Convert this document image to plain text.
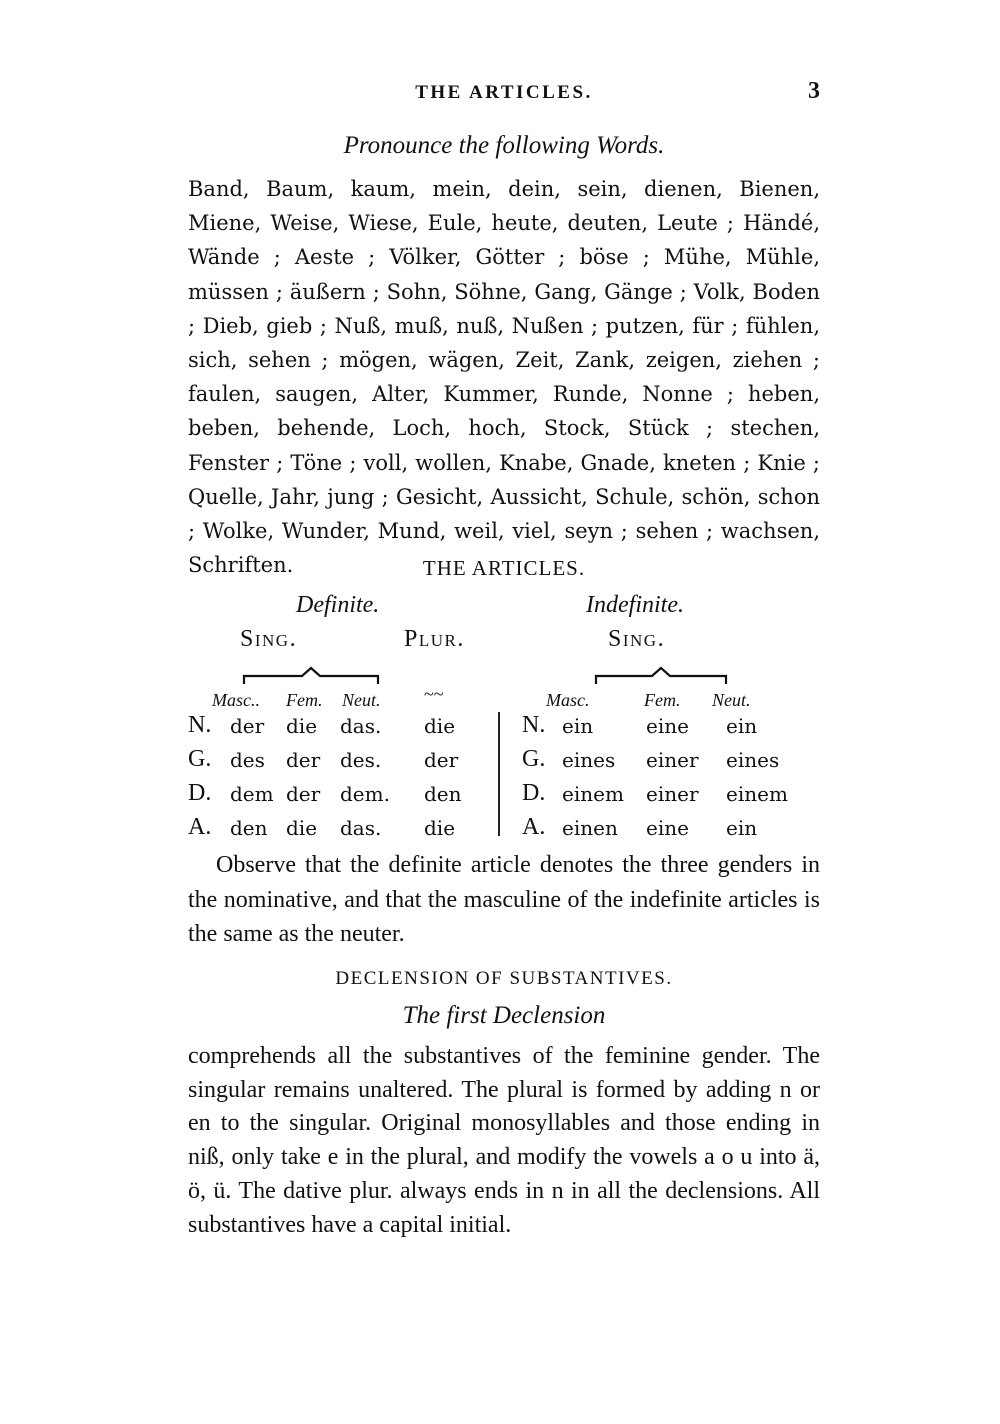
THE ARTICLES.	3
Pronounce the following Words.

Band, Baum, kaum, mein, dein, sein, dienen, Bienen, Miene, Weise, Wiese, Eule, heute, deuten, Leute ; Händé, Wände ; Aeste ; Völker, Götter ; böse ; Mühe, Mühle, müssen ; äußern ; Sohn, Söhne, Gang, Gänge ; Volk, Boden ; Dieb, gieb ; Nuß, muß, nuß, Nußen ; putzen, für ; fühlen, sich, sehen ; mögen, wägen, Zeit, Zank, zeigen, ziehen ; faulen, saugen, Alter, Kummer, Runde, Nonne ; heben, beben, behende, Loch, hoch, Stock, Stück ; stechen, Fenster ; Töne ; voll, wollen, Knabe, Gnade, kneten ; Knie ; Quelle, Jahr, jung ; Gesicht, Aussicht, Schule, schön, schon ; Wolke, Wunder, Mund, weil, viel, seyn ; sehen ; wachsen, Schriften.	THE ARTICLES.
Definite.	Indefinite.
Sing.	Plur.	Sing.
Masc.. Fem. Neut. ~~	Masc.	Fem. Neut.
N. der die das. die
G. des der des. der
D. dem der dem. den
A. den die das. die
N. ein	eine ein
G. eines einer eines
D. einem einer einem
A. einen eine ein

Observe that the definite article denotes the three genders in the nominative, and that the masculine of the indefinite articles is the same as the neuter.

DECLENSION OF SUBSTANTIVES.
The first Declension

comprehends all the substantives of the feminine gender. The singular remains unaltered. The plural is formed by adding n or en to the singular. Original monosyllables and those ending in niß, only take e in the plural, and modify the vowels a o u into ä, ö, ü. The dative plur. always ends in n in all the declensions. All substantives have a capital initial.
